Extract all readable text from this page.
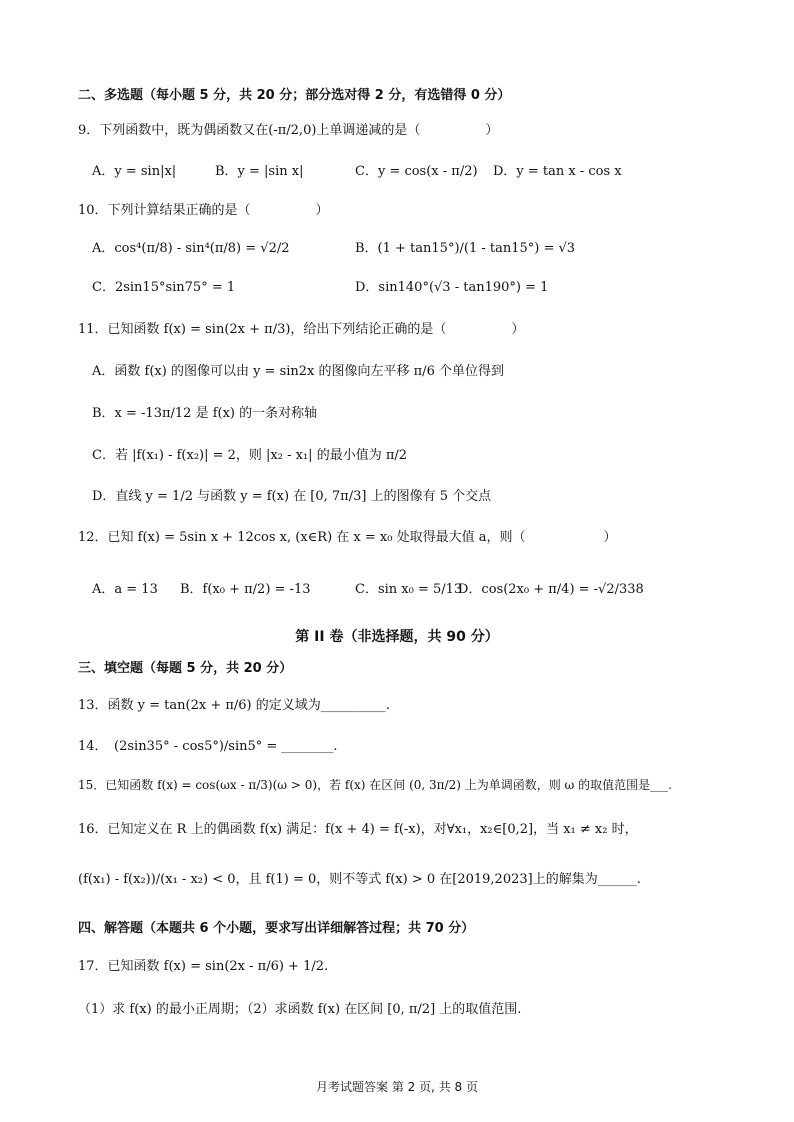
二、多选题（每小题 5 分，共 20 分；部分选对得 2 分，有选错得 0 分）
9．下列函数中，既为偶函数又在(-π/2,0)上单调递减的是（　　　　　）
A．y = sin|x|	B．y = |sin x|	C．y = cos(x - π/2) D．y = tan x - cos x
10．下列计算结果正确的是（　　　　　）
A．cos⁴(π/8) - sin⁴(π/8) = √2/2	B．(1 + tan15°)/(1 - tan15°) = √3
C．2sin15°sin75° = 1	D．sin140°(√3 - tan190°) = 1
11．已知函数 f(x) = sin(2x + π/3)，给出下列结论正确的是（　　　　　）
A．函数 f(x) 的图像可以由 y = sin2x 的图像向左平移 π/6 个单位得到
B．x = -13π/12 是 f(x) 的一条对称轴
C．若 |f(x₁) - f(x₂)| = 2，则 |x₂ - x₁| 的最小值为 π/2
D．直线 y = 1/2 与函数 y = f(x) 在 [0, 7π/3] 上的图像有 5 个交点
12．已知 f(x) = 5sin x + 12cos x, (x∈R) 在 x = x₀ 处取得最大值 a，则（　　　　　　）
A．a = 13 B．f(x₀ + π/2) = -13	C．sin x₀ = 5/13
D．cos(2x₀ + π/4) = -√2/338
第 II 卷（非选择题，共 90 分）
三、填空题（每题 5 分，共 20 分）
13．函数 y = tan(2x + π/6) 的定义域为__________.
14．　(2sin35° - cos5°)/sin5° = ________.
15．已知函数 f(x) = cos(ωx - π/3)(ω > 0)，若 f(x) 在区间 (0, 3π/2) 上为单调函数，则 ω 的取值范围是___.
16．已知定义在 R 上的偶函数 f(x) 满足：f(x + 4) = f(-x)，对∀x₁，x₂∈[0,2]，当 x₁ ≠ x₂ 时，
(f(x₁) - f(x₂))/(x₁ - x₂) < 0，且 f(1) = 0，则不等式 f(x) > 0 在[2019,2023]上的解集为______.
四、解答题（本题共 6 个小题，要求写出详细解答过程；共 70 分）
17．已知函数 f(x) = sin(2x - π/6) + 1/2.
（1）求 f(x) 的最小正周期；（2）求函数 f(x) 在区间 [0, π/2] 上的取值范围.
月考试题答案 第 2 页, 共 8 页
